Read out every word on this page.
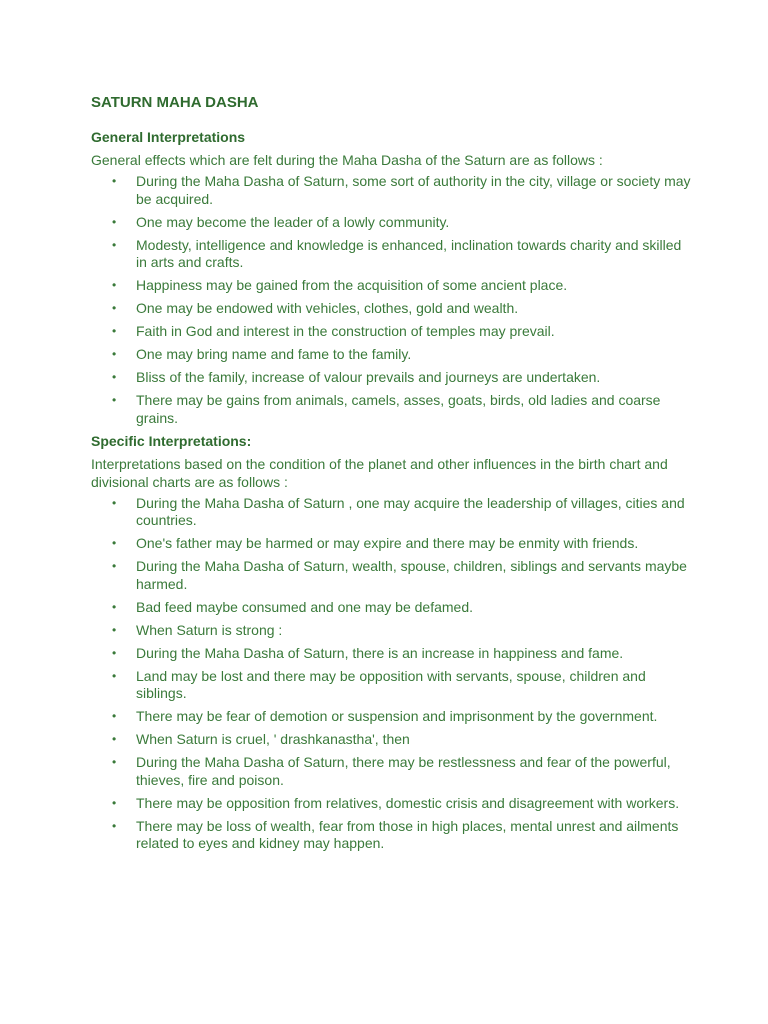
SATURN MAHA DASHA
General Interpretations

General effects which are felt during the Maha Dasha of the Saturn are as follows :

• During the Maha Dasha of Saturn, some sort of authority in the city, village or society may be acquired.
• One may become the leader of a lowly community.
• Modesty, intelligence and knowledge is enhanced, inclination towards charity and skilled in arts and crafts.
• Happiness may be gained from the acquisition of some ancient place.
• One may be endowed with vehicles, clothes, gold and wealth.
• Faith in God and interest in the construction of temples may prevail.
• One may bring name and fame to the family.
• Bliss of the family, increase of valour prevails and journeys are undertaken.
• There may be gains from animals, camels, asses, goats, birds, old ladies and coarse grains.
Specific Interpretations:

Interpretations based on the condition of the planet and other influences in the birth chart and divisional charts are as follows :

• During the Maha Dasha of Saturn , one may acquire the leadership of villages, cities and countries.
• One's father may be harmed or may expire and there may be enmity with friends.
• During the Maha Dasha of Saturn, wealth, spouse, children, siblings and servants maybe harmed.
• Bad feed maybe consumed and one may be defamed.
• When Saturn is strong :
• During the Maha Dasha of Saturn, there is an increase in happiness and fame.
• Land may be lost and there may be opposition with servants, spouse, children and siblings.
• There may be fear of demotion or suspension and imprisonment by the government.
• When Saturn is cruel, ' drashkanastha', then
• During the Maha Dasha of Saturn, there may be restlessness and fear of the powerful, thieves, fire and poison.
• There may be opposition from relatives, domestic crisis and disagreement with workers.
• There may be loss of wealth, fear from those in high places, mental unrest and ailments related to eyes and kidney may happen.
